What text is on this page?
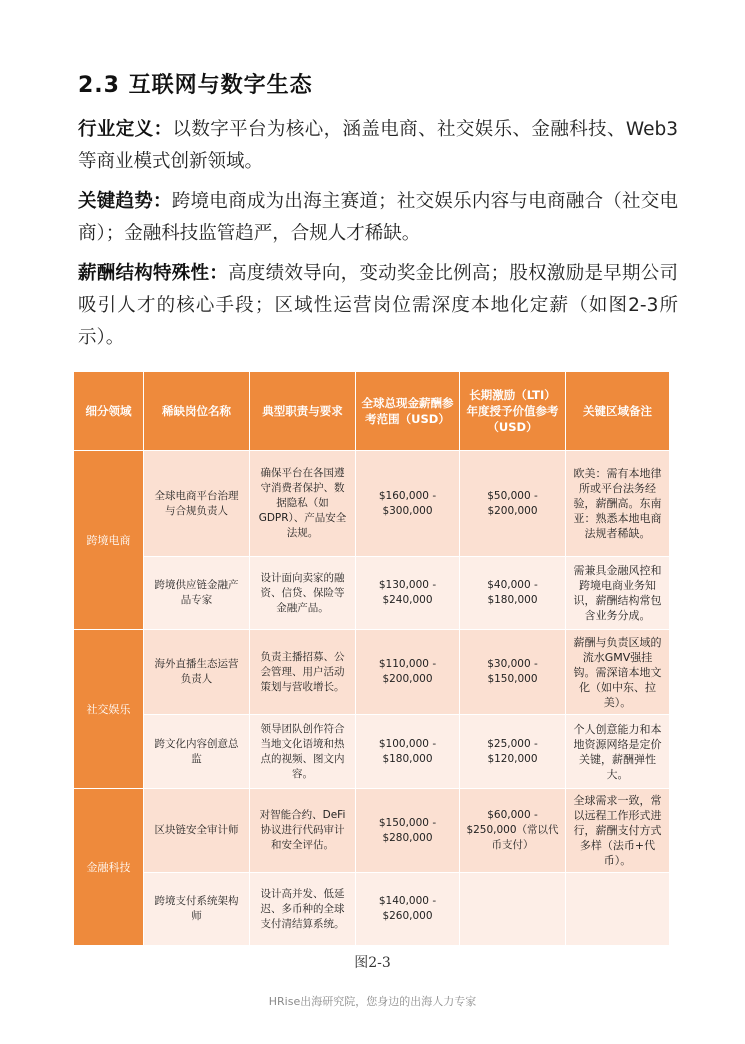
2.3 互联网与数字生态
行业定义：以数字平台为核心，涵盖电商、社交娱乐、金融科技、Web3等商业模式创新领域。
关键趋势：跨境电商成为出海主赛道；社交娱乐内容与电商融合（社交电商）；金融科技监管趋严，合规人才稀缺。
薪酬结构特殊性：高度绩效导向，变动奖金比例高；股权激励是早期公司吸引人才的核心手段；区域性运营岗位需深度本地化定薪（如图2-3所示）。
细分领域	稀缺岗位名称	典型职责与要求	全球总现金薪酬参考范围（USD）	长期激励（LTI）年度授予价值参考（USD）	关键区域备注
跨境电商	全球电商平台治理与合规负责人	确保平台在各国遵守消费者保护、数据隐私（如GDPR）、产品安全法规。	$160,000 - $300,000	$50,000 - $200,000	欧美：需有本地律所或平台法务经验，薪酬高。东南亚：熟悉本地电商法规者稀缺。
	跨境供应链金融产品专家	设计面向卖家的融资、信贷、保险等金融产品。	$130,000 - $240,000	$40,000 - $180,000	需兼具金融风控和跨境电商业务知识，薪酬结构常包含业务分成。
社交娱乐	海外直播生态运营负责人	负责主播招募、公会管理、用户活动策划与营收增长。	$110,000 - $200,000	$30,000 - $150,000	薪酬与负责区域的流水GMV强挂钩。需深谙本地文化（如中东、拉美）。
	跨文化内容创意总监	领导团队创作符合当地文化语境和热点的视频、图文内容。	$100,000 - $180,000	$25,000 - $120,000	个人创意能力和本地资源网络是定价关键，薪酬弹性大。
金融科技	区块链安全审计师	对智能合约、DeFi协议进行代码审计和安全评估。	$150,000 - $280,000	$60,000 - $250,000（常以代币支付）	全球需求一致，常以远程工作形式进行，薪酬支付方式多样（法币+代币）。
	跨境支付系统架构师	设计高并发、低延迟、多币种的全球支付清结算系统。	$140,000 - $260,000		
图2-3
HRise出海研究院，您身边的出海人力专家
